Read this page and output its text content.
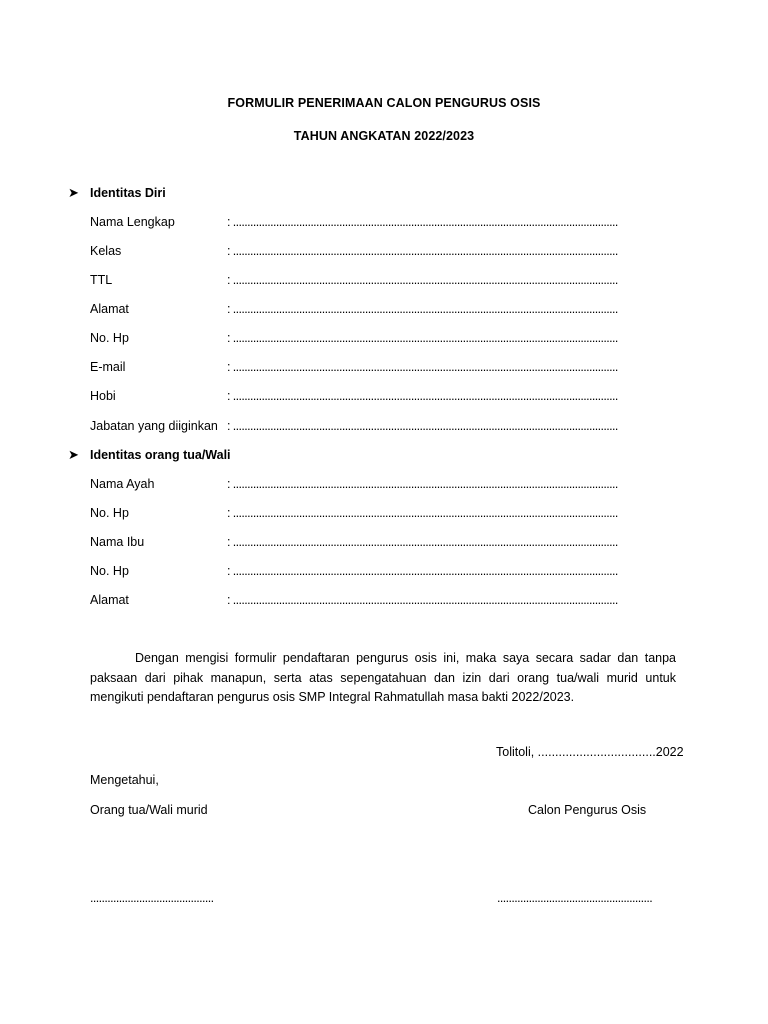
FORMULIR PENERIMAAN CALON PENGURUS OSIS
TAHUN ANGKATAN 2022/2023
➤ Identitas Diri
Nama Lengkap	: ......................................................................................................................................
Kelas	: ......................................................................................................................................
TTL	: ......................................................................................................................................
Alamat	: ......................................................................................................................................
No. Hp	: ......................................................................................................................................
E-mail	: ......................................................................................................................................
Hobi	: ......................................................................................................................................
Jabatan yang diiginkan : ......................................................................................................................................
➤ Identitas orang tua/Wali
Nama Ayah	: ......................................................................................................................................
No. Hp	: ......................................................................................................................................
Nama Ibu	: ......................................................................................................................................
No. Hp	: ......................................................................................................................................
Alamat	: ......................................................................................................................................
Dengan mengisi formulir pendaftaran pengurus osis ini, maka saya secara sadar dan tanpa paksaan dari pihak manapun, serta atas sepengatahuan dan izin dari orang tua/wali murid untuk mengikuti pendaftaran pengurus osis SMP Integral Rahmatullah masa bakti 2022/2023.
Tolitoli, ..................................2022
Mengetahui,
Orang tua/Wali murid	Calon Pengurus Osis
...........................................	......................................................
